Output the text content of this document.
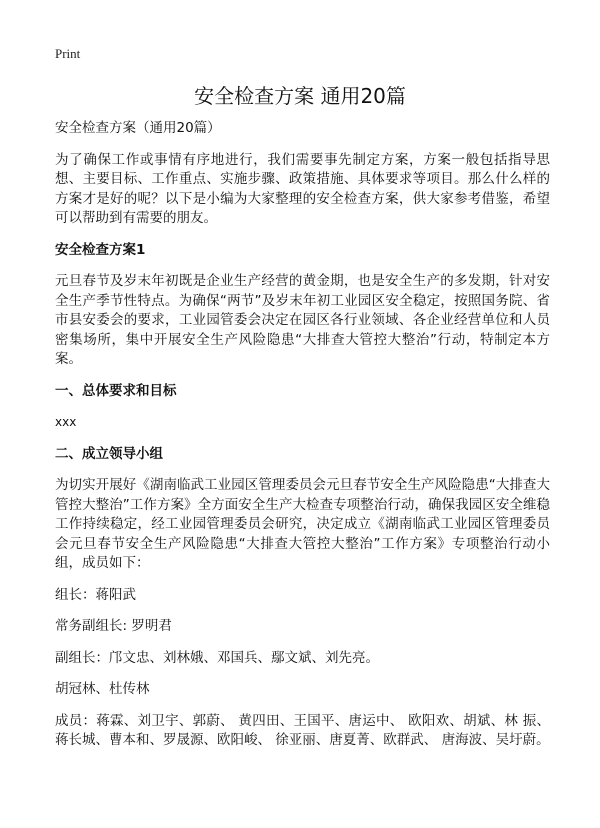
Print
安全检查方案 通用20篇

安全检查方案（通用20篇）

为了确保工作或事情有序地进行，我们需要事先制定方案，方案一般包括指导思想、主要目标、工作重点、实施步骤、政策措施、具体要求等项目。那么什么样的方案才是好的呢？以下是小编为大家整理的安全检查方案，供大家参考借鉴，希望可以帮助到有需要的朋友。

安全检查方案1

元旦春节及岁末年初既是企业生产经营的黄金期，也是安全生产的多发期，针对安全生产季节性特点。为确保“两节”及岁末年初工业园区安全稳定，按照国务院、省市县安委会的要求，工业园管委会决定在园区各行业领域、各企业经营单位和人员密集场所，集中开展安全生产风险隐患“大排查大管控大整治”行动，特制定本方案。

一、总体要求和目标

xxx

二、成立领导小组

为切实开展好《湖南临武工业园区管理委员会元旦春节安全生产风险隐患“大排查大管控大整治”工作方案》全方面安全生产大检查专项整治行动，确保我园区安全维稳工作持续稳定，经工业园管理委员会研究，决定成立《湖南临武工业园区管理委员会元旦春节安全生产风险隐患“大排查大管控大整治”工作方案》专项整治行动小组，成员如下：

组长：蒋阳武

常务副组长: 罗明君

副组长：邝文忠、刘林娥、邓国兵、鄢文斌、刘先亮。

胡冠林、杜传林

成员：蒋霖、刘卫宇、郭蔚、 黄四田、王国平、唐运中、 欧阳欢、胡斌、林 振、蒋长城、曹本和、罗晟源、欧阳峻、 徐亚丽、唐夏菁、欧群武、 唐海波、吴圩蔚。
